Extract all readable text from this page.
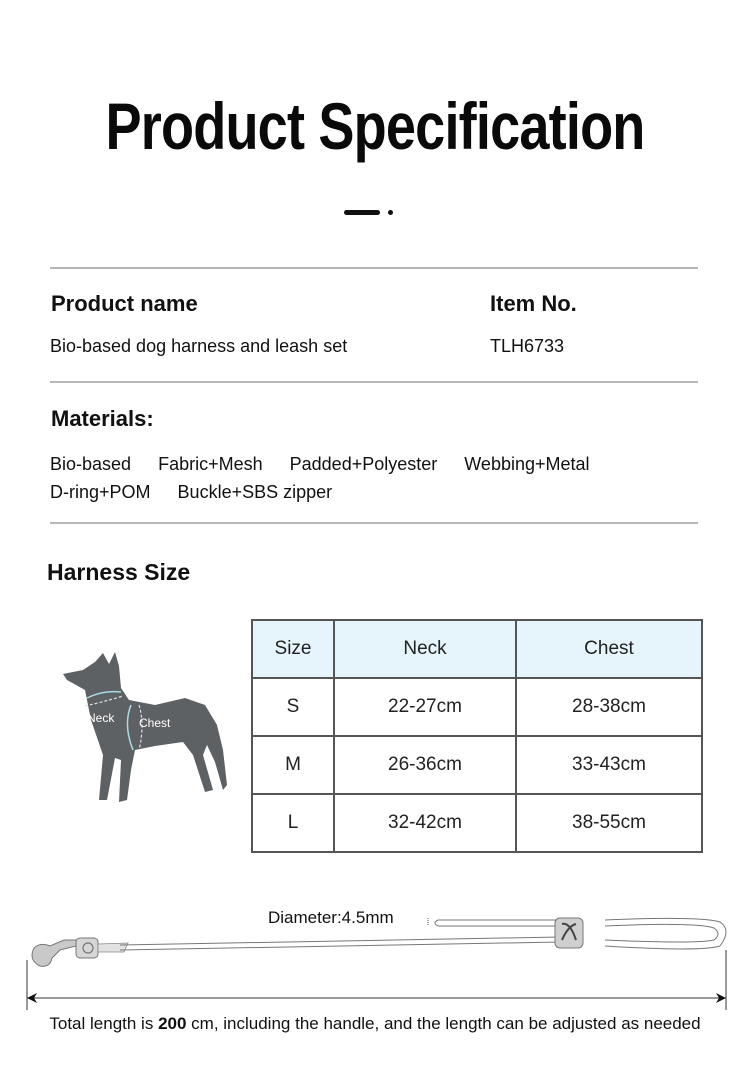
Product Specification
Product name	Item No.
Bio-based dog harness and leash set	TLH6733
Materials:
Bio-based Fabric+Mesh Padded+Polyester Webbing+Metal
D-ring+POM Buckle+SBS zipper
Harness Size
Neck Chest
Size	Neck	Chest
S	22-27cm	28-38cm
M	26-36cm	33-43cm
L	32-42cm	38-55cm
Diameter:4.5mm
Total length is 200 cm, including the handle, and the length can be adjusted as needed
